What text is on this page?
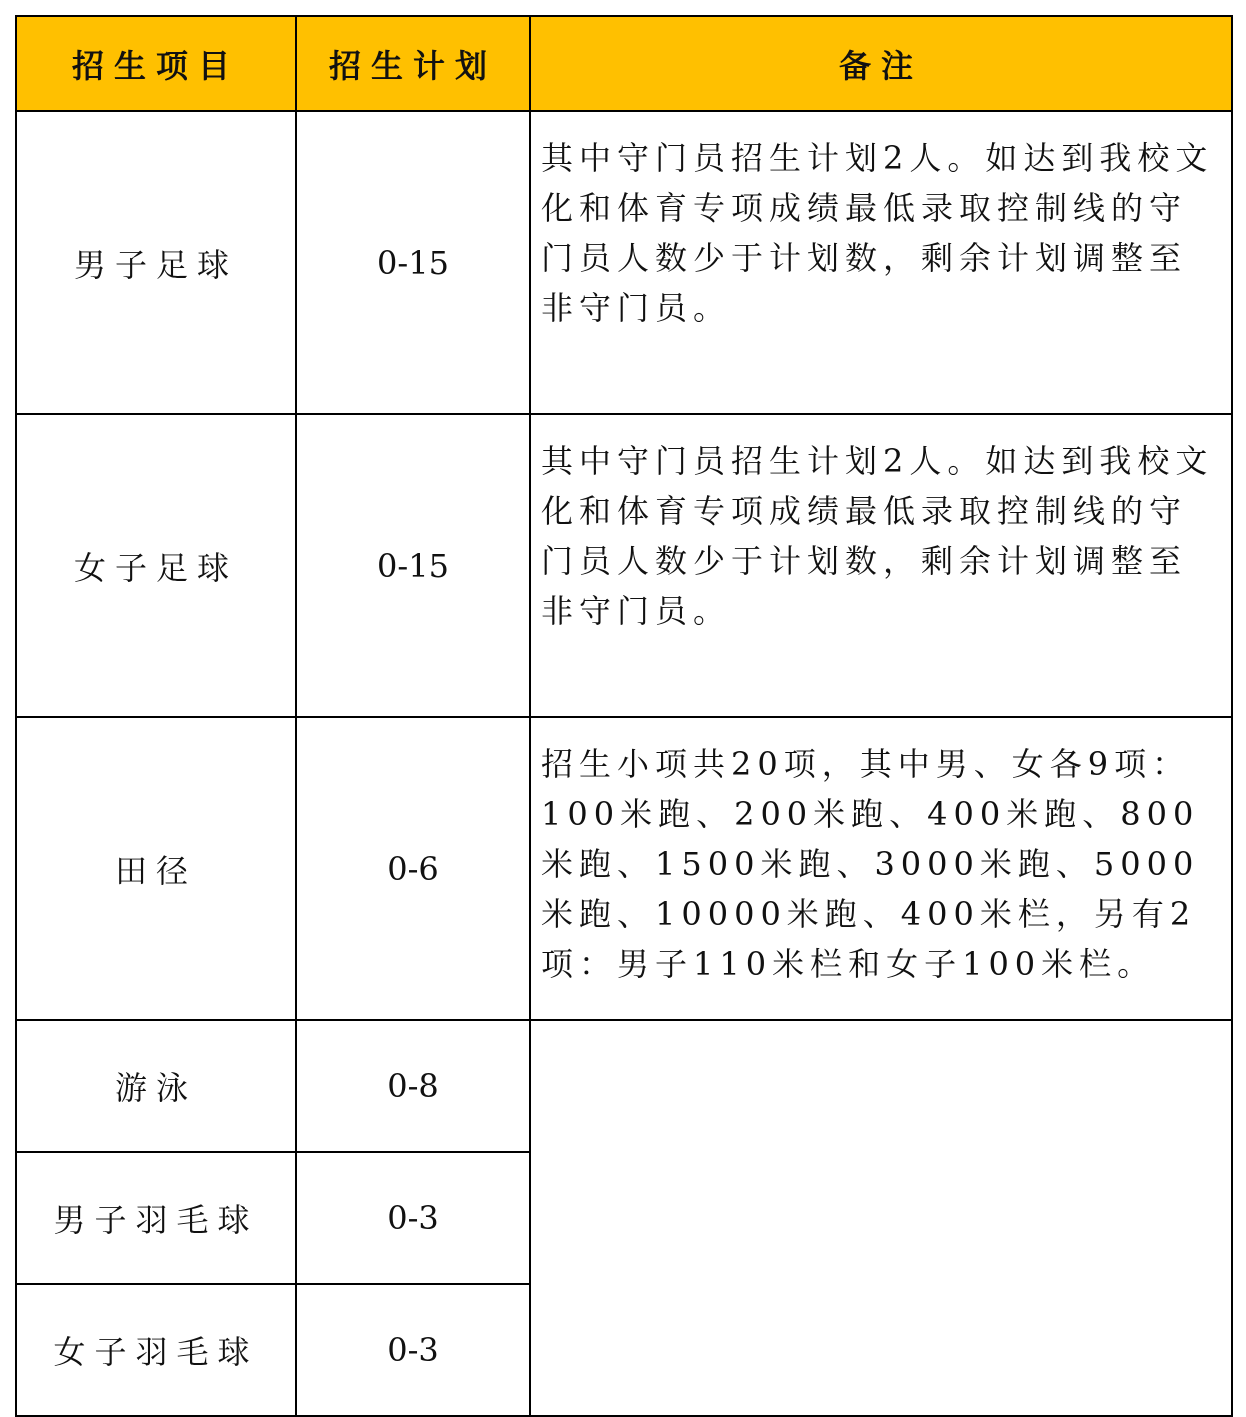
招生项目	招生计划	备注
男子足球	0-15	其中守门员招生计划2人。如达到我校文化和体育专项成绩最低录取控制线的守门员人数少于计划数，剩余计划调整至非守门员。
女子足球	0-15	其中守门员招生计划2人。如达到我校文化和体育专项成绩最低录取控制线的守门员人数少于计划数，剩余计划调整至非守门员。
田径	0-6	招生小项共20项，其中男、女各9项：100米跑、200米跑、400米跑、800米跑、1500米跑、3000米跑、5000米跑、10000米跑、400米栏，另有2项：男子110米栏和女子100米栏。
游泳	0-8	
男子羽毛球	0-3	
女子羽毛球	0-3	
